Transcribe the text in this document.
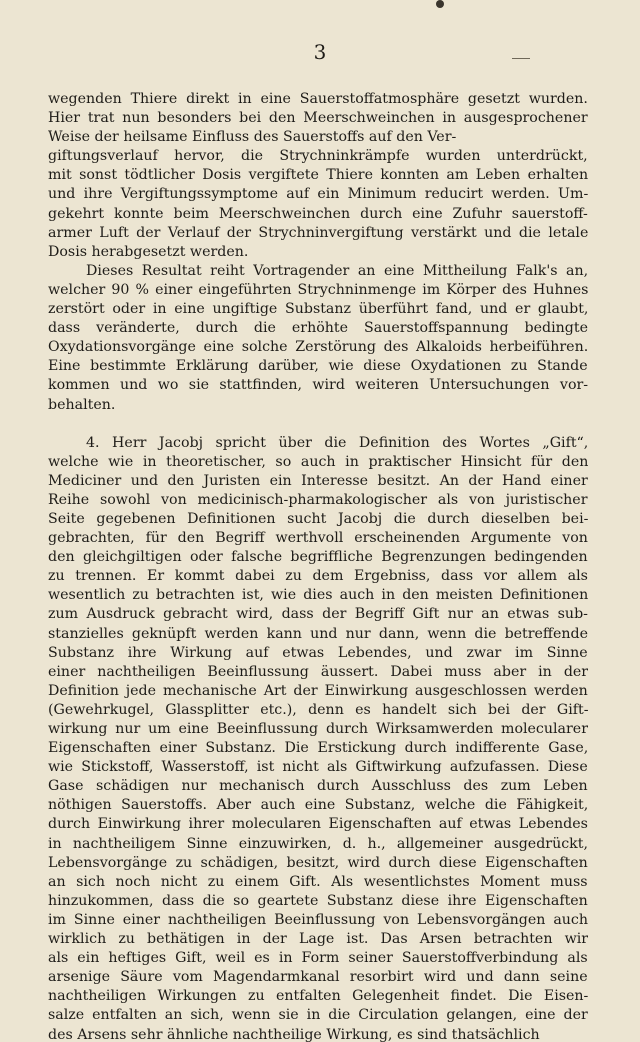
3
wegenden Thiere direkt in eine Sauerstoffatmosphäre gesetzt wurden.
Hier trat nun besonders bei den Meerschweinchen in ausgesprochener
Weise der heilsame Einfluss des Sauerstoffs auf den Ver-
giftungsverlauf hervor, die Strychninkrämpfe wurden unterdrückt,
mit sonst tödtlicher Dosis vergiftete Thiere konnten am Leben erhalten
und ihre Vergiftungssymptome auf ein Minimum reducirt werden. Um-
gekehrt konnte beim Meerschweinchen durch eine Zufuhr sauerstoff-
armer Luft der Verlauf der Strychninvergiftung verstärkt und die letale
Dosis herabgesetzt werden.
Dieses Resultat reiht Vortragender an eine Mittheilung Falk's an,
welcher 90 % einer eingeführten Strychninmenge im Körper des Huhnes
zerstört oder in eine ungiftige Substanz überführt fand, und er glaubt,
dass veränderte, durch die erhöhte Sauerstoffspannung bedingte
Oxydationsvorgänge eine solche Zerstörung des Alkaloids herbeiführen.
Eine bestimmte Erklärung darüber, wie diese Oxydationen zu Stande
kommen und wo sie stattfinden, wird weiteren Untersuchungen vor-
behalten.
4. Herr Jacobj spricht über die Definition des Wortes „Gift“,
welche wie in theoretischer, so auch in praktischer Hinsicht für den
Mediciner und den Juristen ein Interesse besitzt. An der Hand einer
Reihe sowohl von medicinisch-pharmakologischer als von juristischer
Seite gegebenen Definitionen sucht Jacobj die durch dieselben bei-
gebrachten, für den Begriff werthvoll erscheinenden Argumente von
den gleichgiltigen oder falsche begriffliche Begrenzungen bedingenden
zu trennen. Er kommt dabei zu dem Ergebniss, dass vor allem als
wesentlich zu betrachten ist, wie dies auch in den meisten Definitionen
zum Ausdruck gebracht wird, dass der Begriff Gift nur an etwas sub-
stanzielles geknüpft werden kann und nur dann, wenn die betreffende
Substanz ihre Wirkung auf etwas Lebendes, und zwar im Sinne
einer nachtheiligen Beeinflussung äussert. Dabei muss aber in der
Definition jede mechanische Art der Einwirkung ausgeschlossen werden
(Gewehrkugel, Glassplitter etc.), denn es handelt sich bei der Gift-
wirkung nur um eine Beeinflussung durch Wirksamwerden molecularer
Eigenschaften einer Substanz. Die Erstickung durch indifferente Gase,
wie Stickstoff, Wasserstoff, ist nicht als Giftwirkung aufzufassen. Diese
Gase schädigen nur mechanisch durch Ausschluss des zum Leben
nöthigen Sauerstoffs. Aber auch eine Substanz, welche die Fähigkeit,
durch Einwirkung ihrer molecularen Eigenschaften auf etwas Lebendes
in nachtheiligem Sinne einzuwirken, d. h., allgemeiner ausgedrückt,
Lebensvorgänge zu schädigen, besitzt, wird durch diese Eigenschaften
an sich noch nicht zu einem Gift. Als wesentlichstes Moment muss
hinzukommen, dass die so geartete Substanz diese ihre Eigenschaften
im Sinne einer nachtheiligen Beeinflussung von Lebensvorgängen auch
wirklich zu bethätigen in der Lage ist. Das Arsen betrachten wir
als ein heftiges Gift, weil es in Form seiner Sauerstoffverbindung als
arsenige Säure vom Magendarmkanal resorbirt wird und dann seine
nachtheiligen Wirkungen zu entfalten Gelegenheit findet. Die Eisen-
salze entfalten an sich, wenn sie in die Circulation gelangen, eine der
des Arsens sehr ähnliche nachtheilige Wirkung, es sind thatsächlich
